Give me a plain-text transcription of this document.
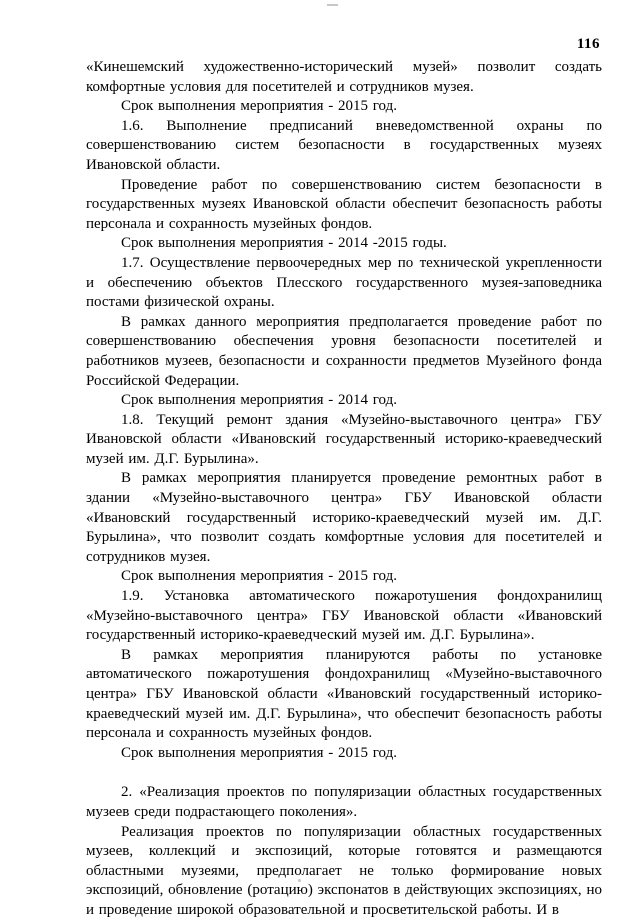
116

«Кинешемский художественно-исторический музей» позволит создать комфортные условия для посетителей и сотрудников музея.

Срок выполнения мероприятия - 2015 год.

1.6. Выполнение предписаний вневедомственной охраны по совершенствованию систем безопасности в государственных музеях Ивановской области.

Проведение работ по совершенствованию систем безопасности в государственных музеях Ивановской области обеспечит безопасность работы персонала и сохранность музейных фондов.

Срок выполнения мероприятия - 2014 -2015 годы.

1.7. Осуществление первоочередных мер по технической укрепленности и обеспечению объектов Плесского государственного музея-заповедника постами физической охраны.

В рамках данного мероприятия предполагается проведение работ по совершенствованию обеспечения уровня безопасности посетителей и работников музеев, безопасности и сохранности предметов Музейного фонда Российской Федерации.

Срок выполнения мероприятия - 2014 год.

1.8. Текущий ремонт здания «Музейно-выставочного центра» ГБУ Ивановской области «Ивановский государственный историко-краеведческий музей им. Д.Г. Бурылина».

В рамках мероприятия планируется проведение ремонтных работ в здании «Музейно-выставочного центра» ГБУ Ивановской области «Ивановский государственный историко-краеведческий музей им. Д.Г. Бурылина», что позволит создать комфортные условия для посетителей и сотрудников музея.

Срок выполнения мероприятия - 2015 год.

1.9. Установка автоматического пожаротушения фондохранилищ «Музейно-выставочного центра» ГБУ Ивановской области «Ивановский государственный историко-краеведческий музей им. Д.Г. Бурылина».

В рамках мероприятия планируются работы по установке автоматического пожаротушения фондохранилищ «Музейно-выставочного центра» ГБУ Ивановской области «Ивановский государственный историко-краеведческий музей им. Д.Г. Бурылина», что обеспечит безопасность работы персонала и сохранность музейных фондов.

Срок выполнения мероприятия - 2015 год.

2. «Реализация проектов по популяризации областных государственных музеев среди подрастающего поколения».

Реализация проектов по популяризации областных государственных музеев, коллекций и экспозиций, которые готовятся и размещаются областными музеями, предполагает не только формирование новых экспозиций, обновление (ротацию) экспонатов в действующих экспозициях, но и проведение широкой образовательной и просветительской работы. И в
